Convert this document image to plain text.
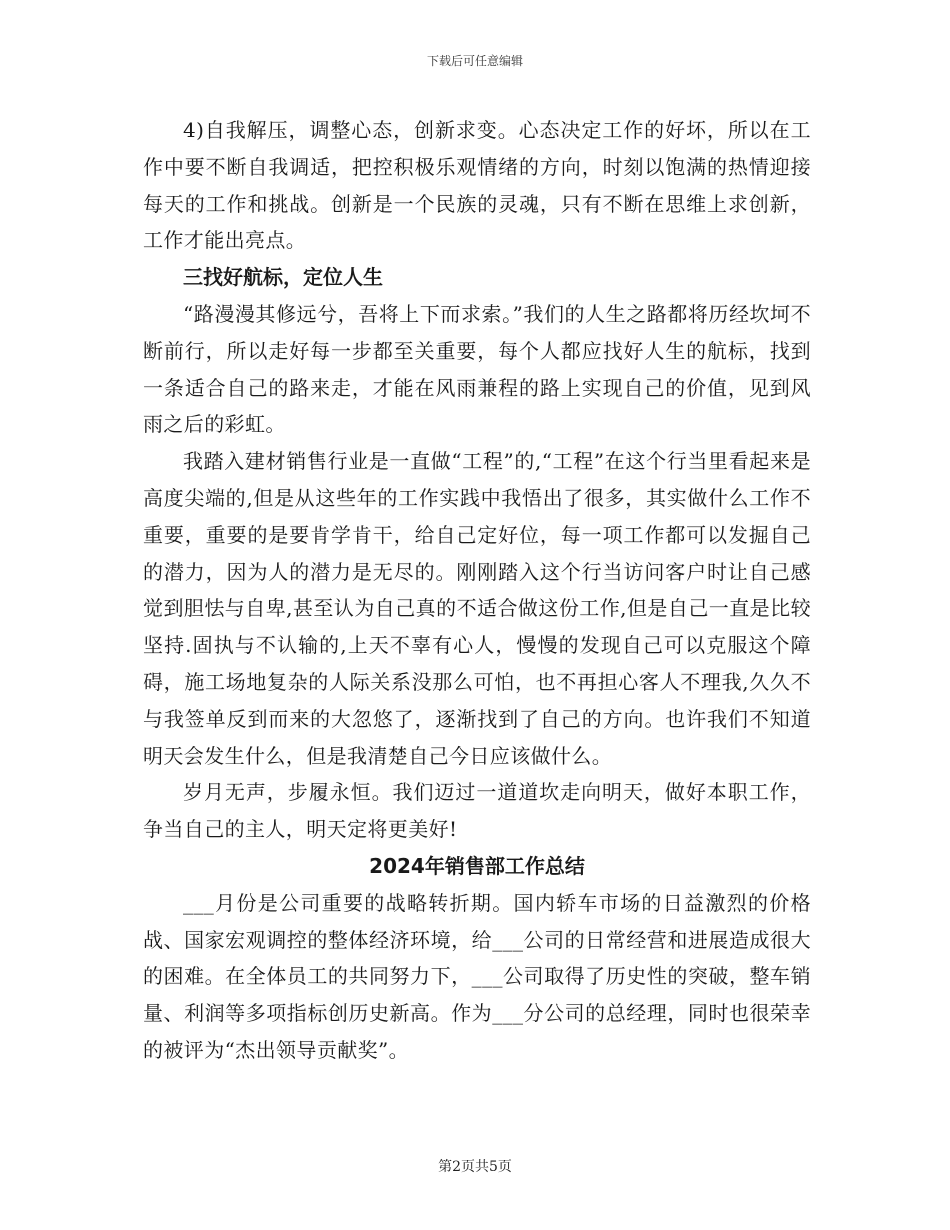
下载后可任意编辑

4)自我解压，调整心态，创新求变。心态决定工作的好坏，所以在工作中要不断自我调适，把控积极乐观情绪的方向，时刻以饱满的热情迎接每天的工作和挑战。创新是一个民族的灵魂，只有不断在思维上求创新，工作才能出亮点。

三找好航标，定位人生

“路漫漫其修远兮，吾将上下而求索。”我们的人生之路都将历经坎坷不断前行，所以走好每一步都至关重要，每个人都应找好人生的航标，找到一条适合自己的路来走，才能在风雨兼程的路上实现自己的价值，见到风雨之后的彩虹。

我踏入建材销售行业是一直做“工程”的,“工程”在这个行当里看起来是高度尖端的,但是从这些年的工作实践中我悟出了很多，其实做什么工作不重要，重要的是要肯学肯干，给自己定好位，每一项工作都可以发掘自己的潜力，因为人的潜力是无尽的。刚刚踏入这个行当访问客户时让自己感觉到胆怯与自卑,甚至认为自己真的不适合做这份工作,但是自己一直是比较坚持.固执与不认输的,上天不辜有心人，慢慢的发现自己可以克服这个障碍，施工场地复杂的人际关系没那么可怕，也不再担心客人不理我,久久不与我签单反到而来的大忽悠了，逐渐找到了自己的方向。也许我们不知道明天会发生什么，但是我清楚自己今日应该做什么。

岁月无声，步履永恒。我们迈过一道道坎走向明天，做好本职工作，争当自己的主人，明天定将更美好!

2024年销售部工作总结

___月份是公司重要的战略转折期。国内轿车市场的日益激烈的价格战、国家宏观调控的整体经济环境，给___公司的日常经营和进展造成很大的困难。在全体员工的共同努力下，___公司取得了历史性的突破，整车销量、利润等多项指标创历史新高。作为___分公司的总经理，同时也很荣幸的被评为“杰出领导贡献奖”。

第2页共5页
